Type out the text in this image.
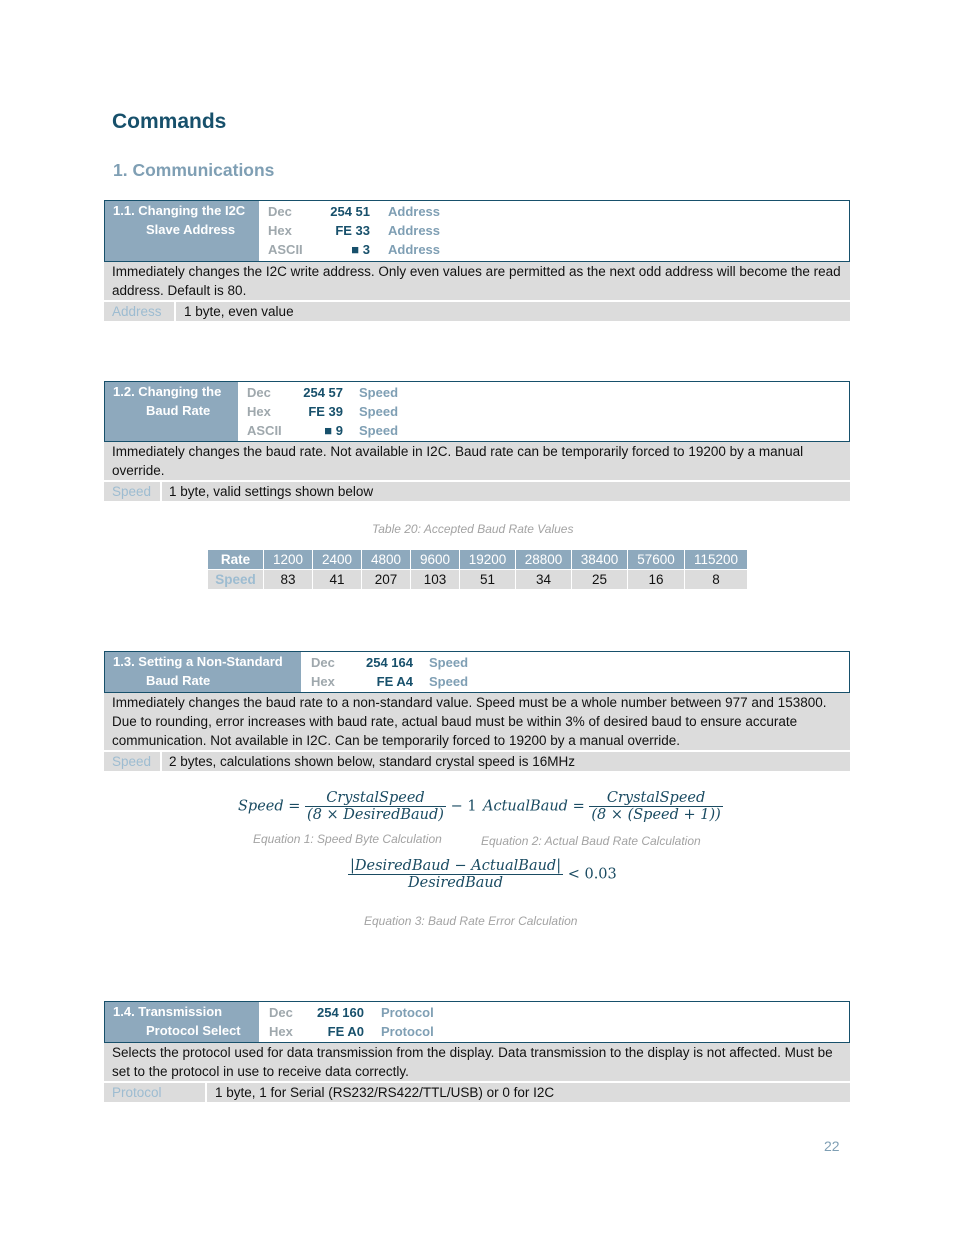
Commands
1. Communications
1.1. Changing the I2C
Slave Address
Dec	254 51 Address
Hex	FE 33 Address
ASCII	■ 3 Address
Immediately changes the I2C write address. Only even values are permitted as the next odd address will become the read address. Default is 80.
Address 1 byte, even value
1.2. Changing the
Baud Rate
Dec	254 57 Speed
Hex	FE 39 Speed
ASCII	■ 9 Speed
Immediately changes the baud rate. Not available in I2C. Baud rate can be temporarily forced to 19200 by a manual override.
Speed 1 byte, valid settings shown below
Table 20: Accepted Baud Rate Values
Rate	1200	2400	4800	9600	19200	28800	38400	57600	115200
Speed	83	41	207	103	51	34	25	16	8
1.3. Setting a Non-Standard
Baud Rate
Dec	254 164 Speed
Hex	FE A4 Speed
Immediately changes the baud rate to a non-standard value. Speed must be a whole number between 977 and 153800. Due to rounding, error increases with baud rate, actual baud must be within 3% of desired baud to ensure accurate communication. Not available in I2C. Can be temporarily forced to 19200 by a manual override.
Speed 2 bytes, calculations shown below, standard crystal speed is 16MHz
Speed = $\frac{\text{CrystalSpeed}}{\text{(8 × DesiredBaud)}} - 1$
Equation 1: Speed Byte Calculation
ActualBaud = $\frac{\text{CrystalSpeed}}{\text{(8 × (Speed + 1))}}$
Equation 2: Actual Baud Rate Calculation
$\frac{\text{|DesiredBaud − ActualBaud|}}{\text{DesiredBaud}} < 0.03$
Equation 3: Baud Rate Error Calculation
1.4. Transmission
Protocol Select
Dec	254 160 Protocol
Hex	FE A0 Protocol
Selects the protocol used for data transmission from the display. Data transmission to the display is not affected. Must be set to the protocol in use to receive data correctly.
Protocol	1 byte, 1 for Serial (RS232/RS422/TTL/USB) or 0 for I2C
22
